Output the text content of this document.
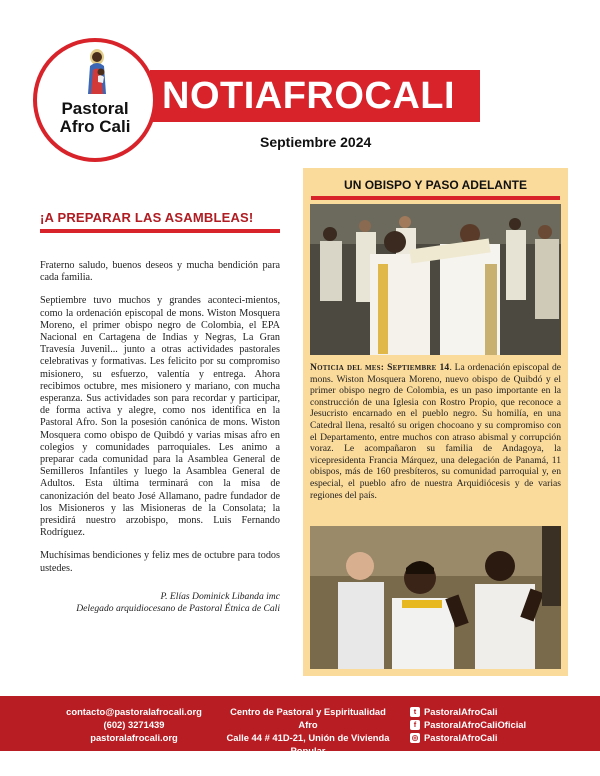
Pastoral
Afro Cali
NOTIAFROCALI
Septiembre 2024
¡A PREPARAR LAS ASAMBLEAS!

Fraterno saludo, buenos deseos y mucha bendición para cada familia.

Septiembre tuvo muchos y grandes aconteci-mientos, como la ordenación episcopal de mons. Wiston Mosquera Moreno, el primer obispo negro de Colombia, el EPA Nacional en Cartagena de Indias y Negras, La Gran Travesía Juvenil... junto a otras actividades pastorales celebrativas y formativas. Les felicito por su compromiso misionero, su esfuerzo, valentía y entrega. Ahora recibimos octubre, mes misionero y mariano, con mucha esperanza. Sus actividades son para recordar y participar, de forma activa y alegre, como nos identifica en la Pastoral Afro. Son la posesión canónica de mons. Wiston Mosquera como obispo de Quibdó y varias misas afro en colegios y comunidades parroquiales. Les animo a preparar cada comunidad para la Asamblea General de Semilleros Infantiles y luego la Asamblea General de Adultos. Esta última terminará con la misa de canonización del beato José Allamano, padre fundador de los Misioneros y las Misioneras de la Consolata; la presidirá nuestro arzobispo, mons. Luis Fernando Rodríguez.

Muchísimas bendiciones y feliz mes de octubre para todos ustedes.

P. Elías Dominick Libanda imc
Delegado arquidiocesano de Pastoral Étnica de Cali
UN OBISPO Y PASO ADELANTE

Noticia del mes: Septiembre 14. La ordenación episcopal de mons. Wiston Mosquera Moreno, nuevo obispo de Quibdó y el primer obispo negro de Colombia, es un paso importante en la construcción de una Iglesia con Rostro Propio, que reconoce a Jesucristo encarnado en el pueblo negro. Su homilía, en una Catedral llena, resaltó su origen chocoano y su compromiso con el Departamento, entre muchos con atraso abismal y corrupción voraz. Le acompañaron su familia de Andagoya, la vicepresidenta Francia Márquez, una delegación de Panamá, 11 obispos, más de 160 presbíteros, su comunidad parroquial y, en especial, el pueblo afro de nuestra Arquidiócesis y de varias regiones del país.

contacto@pastoralafrocali.org
(602) 3271439
pastoralafrocali.org
Centro de Pastoral y Espiritualidad Afro
Calle 44 # 41D-21, Unión de Vivienda Popular
Cali, Valle del Cauca, Colombia
t PastoralAfroCali
f PastoralAfroCaliOficial
◎ PastoralAfroCali
